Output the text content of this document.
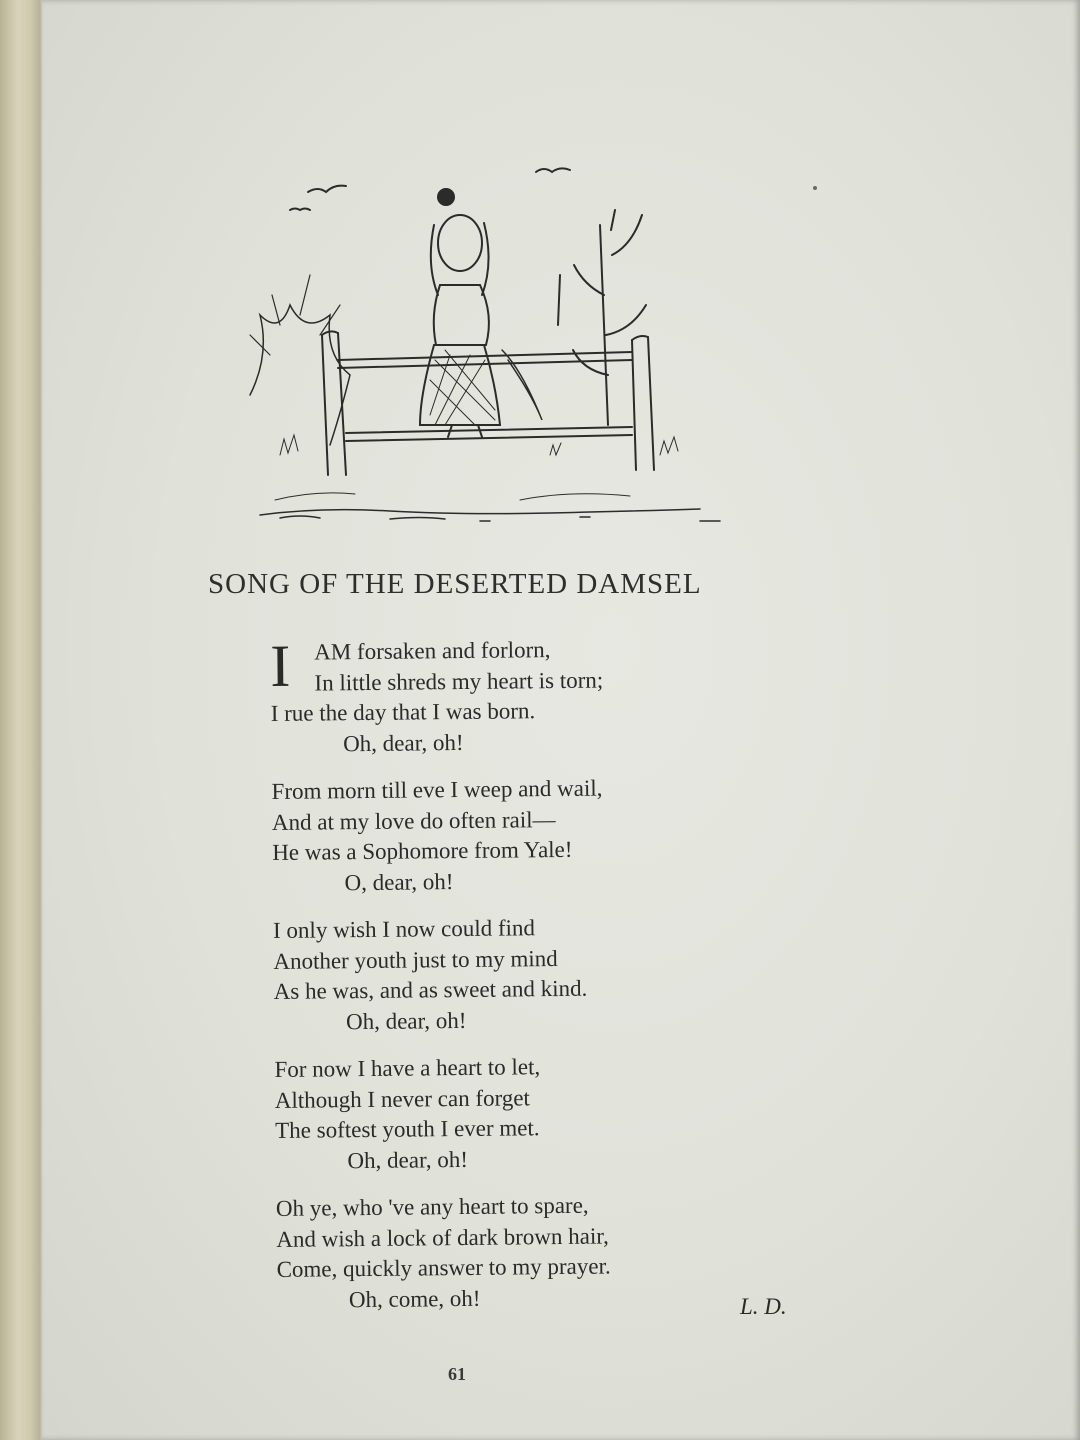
SONG OF THE DESERTED DAMSEL
I	AM forsaken and forlorn,
In little shreds my heart is torn;
I rue the day that I was born.
Oh, dear, oh!
From morn till eve I weep and wail,
And at my love do often rail—
He was a Sophomore from Yale!
O, dear, oh!
I only wish I now could find
Another youth just to my mind
As he was, and as sweet and kind.
Oh, dear, oh!
For now I have a heart to let,
Although I never can forget
The softest youth I ever met.
Oh, dear, oh!
Oh ye, who 've any heart to spare,
And wish a lock of dark brown hair,
Come, quickly answer to my prayer.
Oh, come, oh!	L. D.
61
